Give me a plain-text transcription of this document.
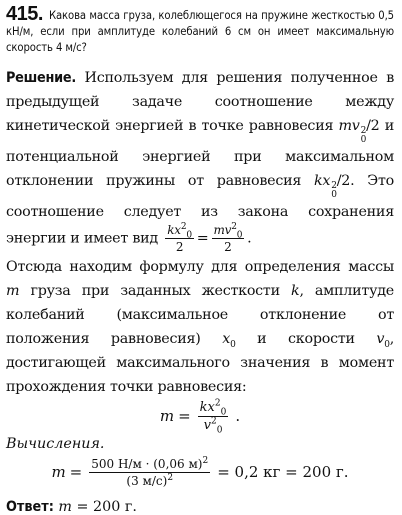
415. Какова масса груза, колеблющегося на пружине жесткостью 0,5 кН/м, если при амплитуде колебаний 6 см он имеет максимальную скорость 4 м/с?
Решение. Используем для решения полученное в предыдущей задаче соотношение между кинетической энергией в точке равновесия mv 2
0
/2 и потенциальной энергией при максимальном отклонении пружины от равновесия kx 2
0
/2. Это соотношение следует из закона сохранения энергии и имеет вид $\frac{kx^2_0}{2} = \frac{mv^2_0}{2}$ .
Отсюда находим формулу для определения массы m груза при заданных жесткости k, амплитуде колебаний (максимальное отклонение от положения равновесия) $x_0$ и скорости $v_0$, достигающей максимального значения в момент прохождения точки равновесия:
$m = \frac{kx^2_0}{v^2_0}$ .
Вычисления.
$m = \frac{500 Н/м \cdot (0,06 м)^2}{(3 м/с)^2} = 0,2$ кг = 200 г.
Ответ: m = 200 г.
